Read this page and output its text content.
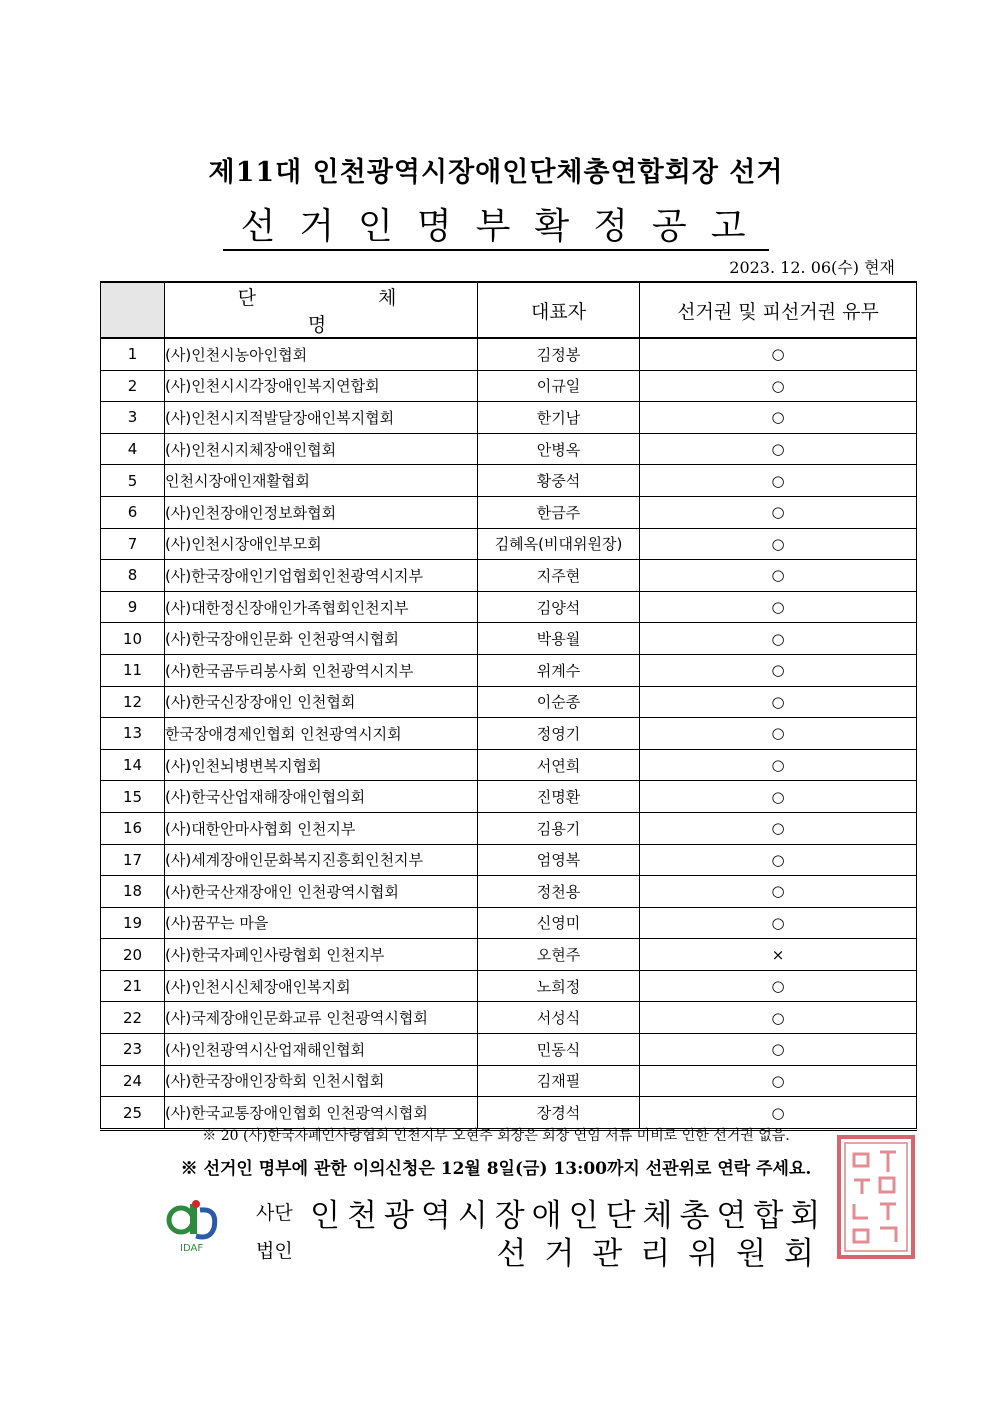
제11대 인천광역시장애인단체총연합회장 선거
선거인명부확정공고
2023. 12. 06(수) 현재
	단 체 명	대표자	선거권 및 피선거권 유무
1	(사)인천시농아인협회	김정봉	○
2	(사)인천시시각장애인복지연합회	이규일	○
3	(사)인천시지적발달장애인복지협회	한기남	○
4	(사)인천시지체장애인협회	안병옥	○
5	인천시장애인재활협회	황중석	○
6	(사)인천장애인정보화협회	한금주	○
7	(사)인천시장애인부모회	김혜옥(비대위원장)	○
8	(사)한국장애인기업협회인천광역시지부	지주현	○
9	(사)대한정신장애인가족협회인천지부	김양석	○
10	(사)한국장애인문화 인천광역시협회	박용월	○
11	(사)한국곰두리봉사회 인천광역시지부	위계수	○
12	(사)한국신장장애인 인천협회	이순종	○
13	한국장애경제인협회 인천광역시지회	정영기	○
14	(사)인천뇌병변복지협회	서연희	○
15	(사)한국산업재해장애인협의회	진명환	○
16	(사)대한안마사협회 인천지부	김용기	○
17	(사)세계장애인문화복지진흥회인천지부	엄영복	○
18	(사)한국산재장애인 인천광역시협회	정천용	○
19	(사)꿈꾸는 마을	신영미	○
20	(사)한국자폐인사랑협회 인천지부	오현주	×
21	(사)인천시신체장애인복지회	노희정	○
22	(사)국제장애인문화교류 인천광역시협회	서성식	○
23	(사)인천광역시산업재해인협회	민동식	○
24	(사)한국장애인장학회 인천시협회	김재필	○
25	(사)한국교통장애인협회 인천광역시협회	장경석	○
※ 20 (사)한국자폐인사랑협회 인천지부 오현주 회장은 회장 연임 서류 미비로 인한 선거권 없음.
※ 선거인 명부에 관한 이의신청은 12월 8일(금) 13:00까지 선관위로 연락 주세요.
IDAF
사단
법인
인천광역시장애인단체총연합회
선거관리위원회
